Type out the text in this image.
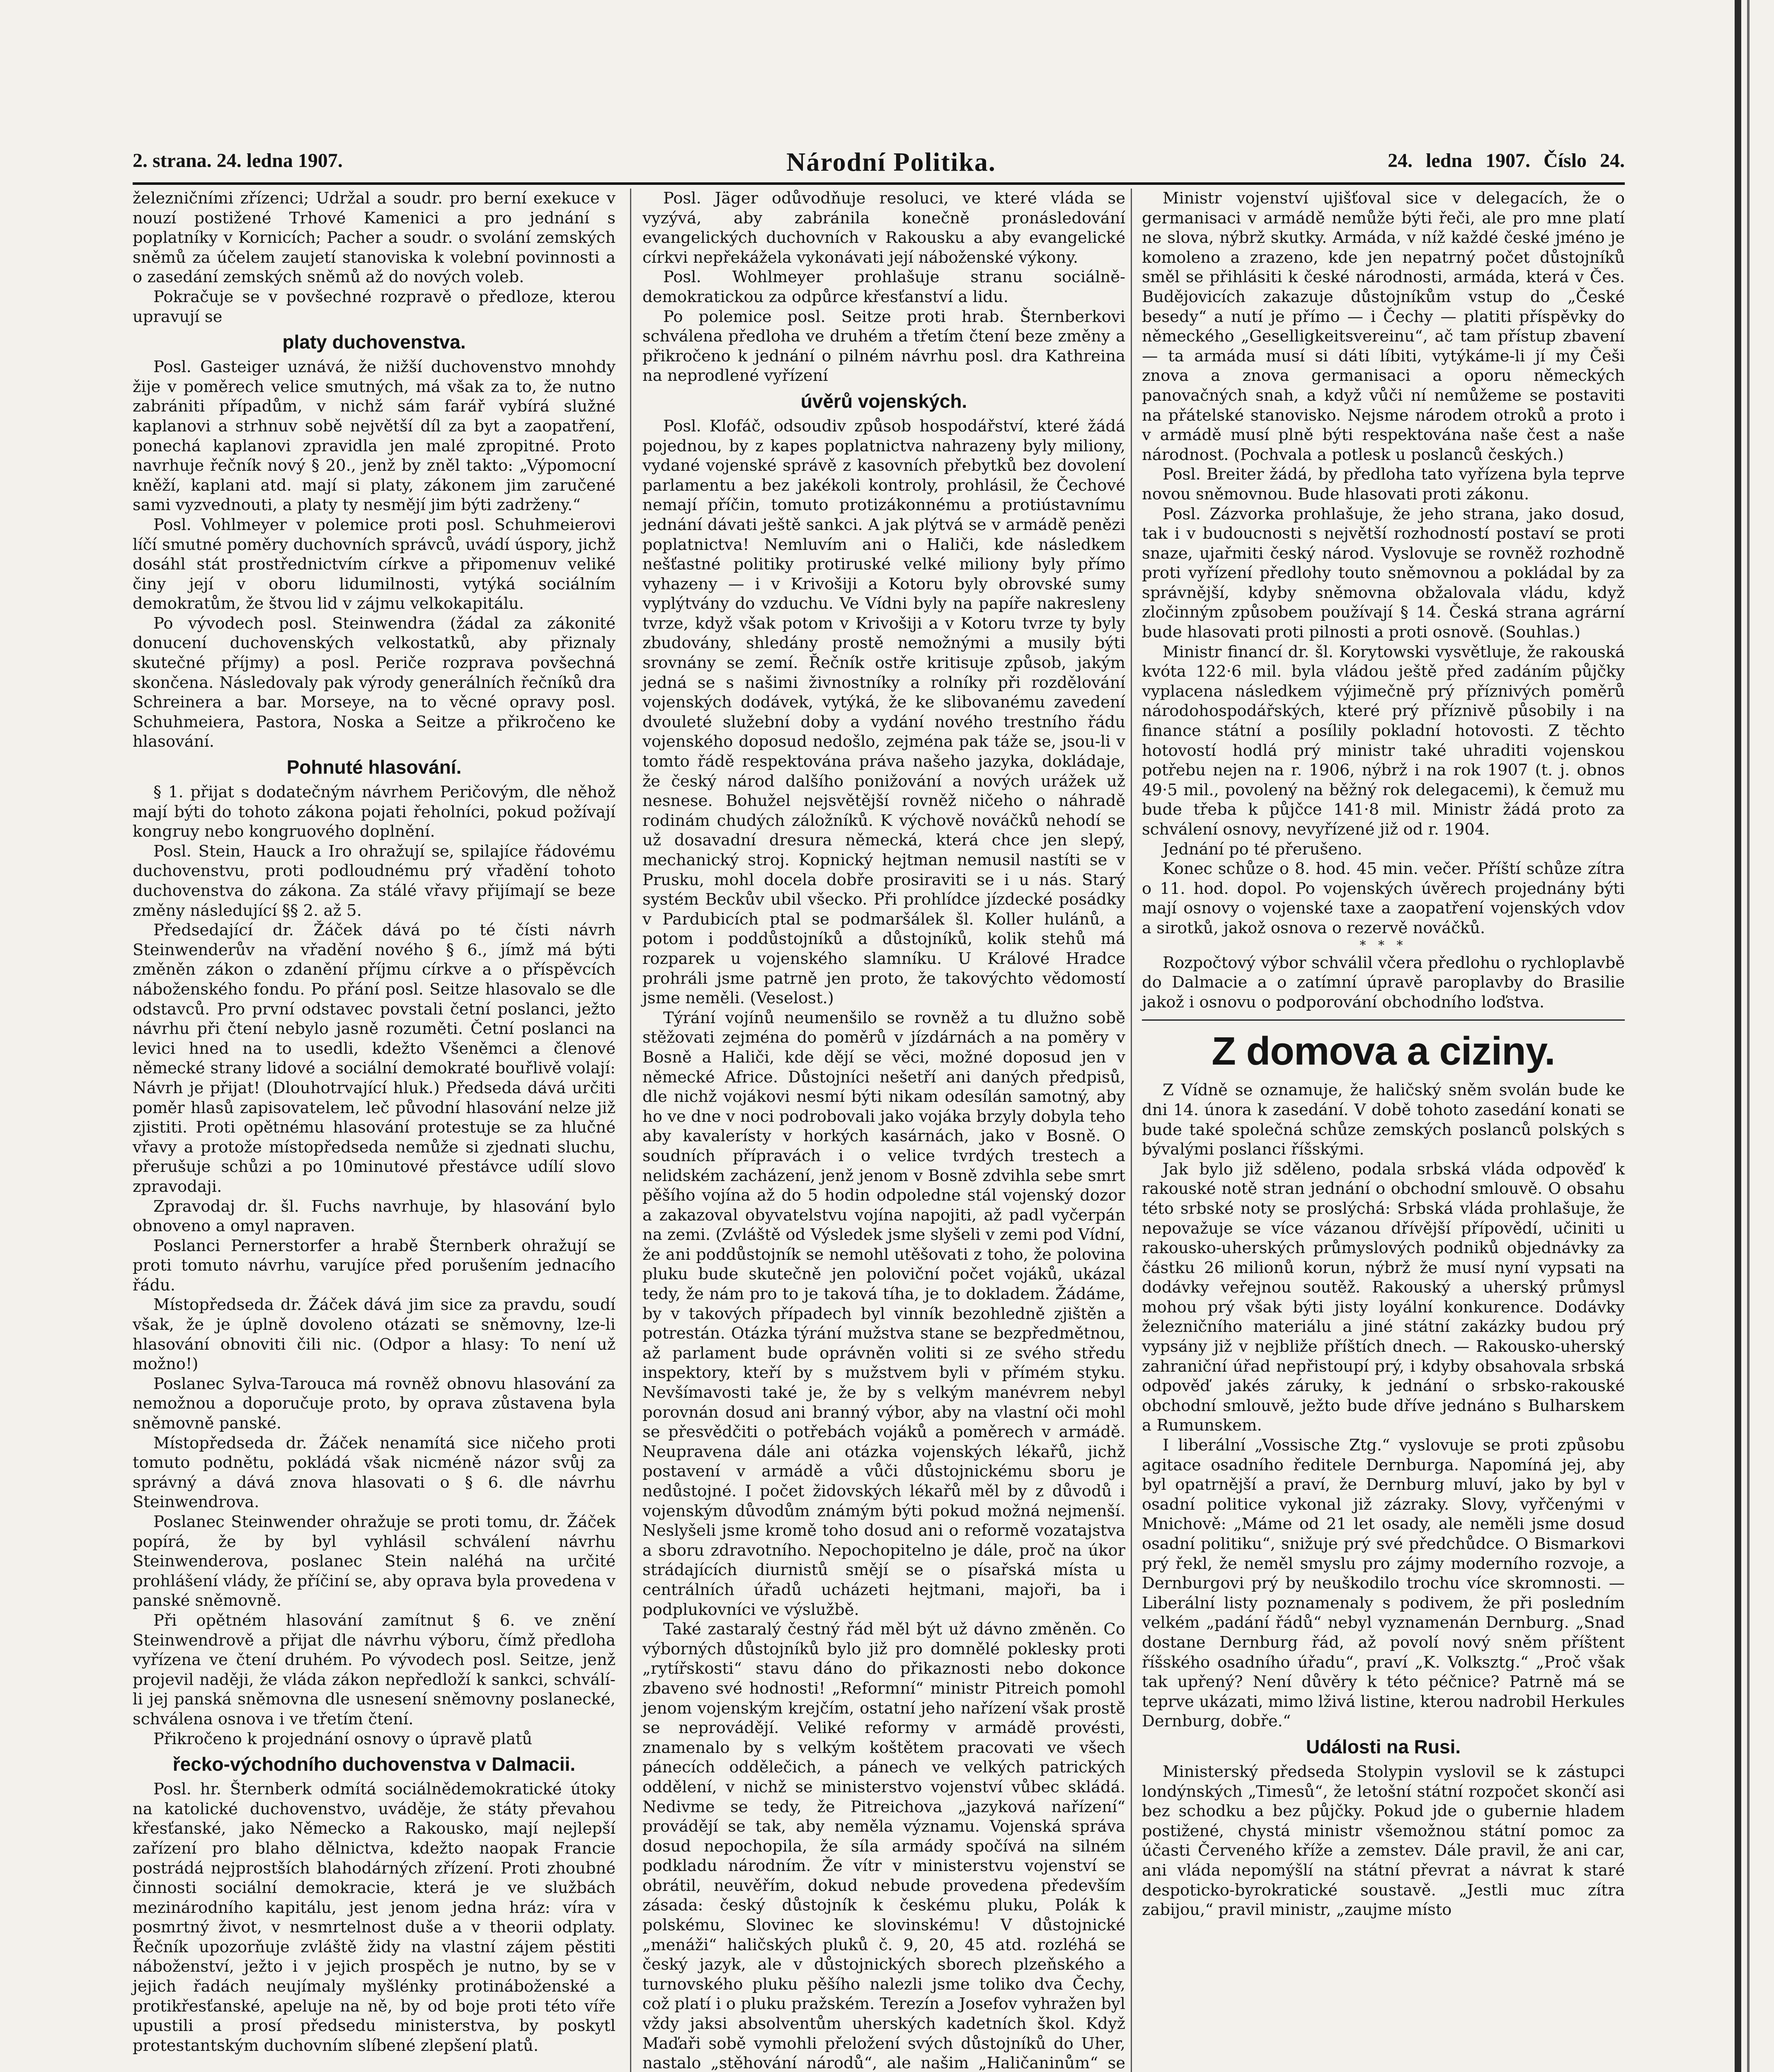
2. strana. 24. ledna 1907.	Národní Politika.	24. ledna 1907. Číslo 24.

železničními zřízenci; Udržal a soudr. pro berní exekuce v nouzí postižené Trhové Kamenici a pro jednání s poplatníky v Kornicích; Pacher a soudr. o svolání zemských sněmů za účelem zaujetí stanoviska k volební povinnosti a o zasedání zemských sněmů až do nových voleb.

Pokračuje se v povšechné rozpravě o předloze, kterou upravují se

platy duchovenstva.

Posl. Gasteiger uznává, že nižší duchovenstvo mnohdy žije v poměrech velice smutných, má však za to, že nutno zabrániti případům, v nichž sám farář vybírá služné kaplanovi a strhnuv sobě největší díl za byt a zaopatření, ponechá kaplanovi zpravidla jen malé zpropitné. Proto navrhuje řečník nový § 20., jenž by zněl takto: „Výpomocní kněží, kaplani atd. mají si platy, zákonem jim zaručené sami vyzvednouti, a platy ty nesmějí jim býti zadrženy.“

Posl. Vohlmeyer v polemice proti posl. Schuhmeierovi líčí smutné poměry duchovních správců, uvádí úspory, jichž dosáhl stát prostřednictvím církve a připomenuv veliké činy její v oboru lidumilnosti, vytýká sociálním demokratům, že štvou lid v zájmu velkokapitálu.

Po vývodech posl. Steinwendra (žádal za zákonité donucení duchovenských velkostatků, aby přiznaly skutečné příjmy) a posl. Periče rozprava povšechná skončena. Následovaly pak výrody generálních řečníků dra Schreinera a bar. Morseye, na to věcné opravy posl. Schuhmeiera, Pastora, Noska a Seitze a přikročeno ke hlasování.

Pohnuté hlasování.

§ 1. přijat s dodatečným návrhem Peričovým, dle něhož mají býti do tohoto zákona pojati řeholníci, pokud požívají kongruy nebo kongruového doplnění.

Posl. Stein, Hauck a Iro ohražují se, spilajíce řádovému duchovenstvu, proti podloudnému prý vřadění tohoto duchovenstva do zákona. Za stálé vřavy přijímají se beze změny následující §§ 2. až 5.

Předsedající dr. Žáček dává po té čísti návrh Steinwenderův na vřadění nového § 6., jímž má býti změněn zákon o zdanění příjmu církve a o příspěvcích náboženského fondu. Po přání posl. Seitze hlasovalo se dle odstavců. Pro první odstavec povstali četní poslanci, ježto návrhu při čtení nebylo jasně rozuměti. Četní poslanci na levici hned na to usedli, kdežto Všeněmci a členové německé strany lidové a sociální demokraté bouřlivě volají: Návrh je přijat! (Dlouhotrvající hluk.) Předseda dává určiti poměr hlasů zapisovatelem, leč původní hlasování nelze již zjistiti. Proti opětnému hlasování protestuje se za hlučné vřavy a protože místopředseda nemůže si zjednati sluchu, přerušuje schůzi a po 10minutové přestávce udílí slovo zpravodaji.

Zpravodaj dr. šl. Fuchs navrhuje, by hlasování bylo obnoveno a omyl napraven.

Poslanci Pernerstorfer a hrabě Šternberk ohražují se proti tomuto návrhu, varujíce před porušením jednacího řádu.

Místopředseda dr. Žáček dává jim sice za pravdu, soudí však, že je úplně dovoleno otázati se sněmovny, lze-li hlasování obnoviti čili nic. (Odpor a hlasy: To není už možno!)

Poslanec Sylva-Tarouca má rovněž obnovu hlasování za nemožnou a doporučuje proto, by oprava zůstavena byla sněmovně panské.

Místopředseda dr. Žáček nenamítá sice ničeho proti tomuto podnětu, pokládá však nicméně názor svůj za správný a dává znova hlasovati o § 6. dle návrhu Steinwendrova.

Poslanec Steinwender ohražuje se proti tomu, dr. Žáček popírá, že by byl vyhlásil schválení návrhu Steinwenderova, poslanec Stein naléhá na určité prohlášení vlády, že příčiní se, aby oprava byla provedena v panské sněmovně.

Při opětném hlasování zamítnut § 6. ve znění Steinwendrově a přijat dle návrhu výboru, čímž předloha vyřízena ve čtení druhém. Po vývodech posl. Seitze, jenž projevil naději, že vláda zákon nepředloží k sankci, schválí-li jej panská sněmovna dle usnesení sněmovny poslanecké, schválena osnova i ve třetím čtení.

Přikročeno k projednání osnovy o úpravě platů

řecko-východního duchovenstva v Dalmacii.

Posl. hr. Šternberk odmítá sociálnědemokratické útoky na katolické duchovenstvo, uváděje, že státy převahou křesťanské, jako Německo a Rakousko, mají nejlepší zařízení pro blaho dělnictva, kdežto naopak Francie postrádá nejprostších blahodárných zřízení. Proti zhoubné činnosti sociální demokracie, která je ve službách mezinárodního kapitálu, jest jenom jedna hráz: víra v posmrtný život, v nesmrtelnost duše a v theorii odplaty. Řečník upozorňuje zvláště židy na vlastní zájem pěstiti náboženství, ježto i v jejich prospěch je nutno, by se v jejich řadách neujímaly myšlénky protináboženské a protikřesťanské, apeluje na ně, by od boje proti této víře upustili a prosí předsedu ministerstva, by poskytl protestantským duchovním slíbené zlepšení platů.

Posl. Jäger odůvodňuje resoluci, ve které vláda se vyzývá, aby zabránila konečně pronásledování evangelických duchovních v Rakousku a aby evangelické církvi nepřekážela vykonávati její náboženské výkony.

Posl. Wohlmeyer prohlašuje stranu sociálně-demokratickou za odpůrce křesťanství a lidu.

Po polemice posl. Seitze proti hrab. Šternberkovi schválena předloha ve druhém a třetím čtení beze změny a přikročeno k jednání o pilném návrhu posl. dra Kathreina na neprodlené vyřízení

úvěrů vojenských.

Posl. Klofáč, odsoudiv způsob hospodářství, které žádá pojednou, by z kapes poplatnictva nahrazeny byly miliony, vydané vojenské správě z kasovních přebytků bez dovolení parlamentu a bez jakékoli kontroly, prohlásil, že Čechové nemají příčin, tomuto protizákonnému a protiústavnímu jednání dávati ještě sankci. A jak plýtvá se v armádě penězi poplatnictva! Nemluvím ani o Haliči, kde následkem nešťastné politiky protiruské velké miliony byly přímo vyhazeny — i v Krivošiji a Kotoru byly obrovské sumy vyplýtvány do vzduchu. Ve Vídni byly na papíře nakresleny tvrze, když však potom v Krivošiji a v Kotoru tvrze ty byly zbudovány, shledány prostě nemožnými a musily býti srovnány se zemí. Řečník ostře kritisuje způsob, jakým jedná se s našimi živnostníky a rolníky při rozdělování vojenských dodávek, vytýká, že ke slibovanému zavedení dvouleté služební doby a vydání nového trestního řádu vojenského doposud nedošlo, zejména pak táže se, jsou-li v tomto řádě respektována práva našeho jazyka, dokládaje, že český národ dalšího ponižování a nových urážek už nesnese. Bohužel nejsvětější rovněž ničeho o náhradě rodinám chudých záložníků. K výchově nováčků nehodí se už dosavadní dresura německá, která chce jen slepý, mechanický stroj. Kopnický hejtman nemusil nastíti se v Prusku, mohl docela dobře prosiraviti se i u nás. Starý systém Beckův ubil všecko. Při prohlídce jízdecké posádky v Pardubicích ptal se podmaršálek šl. Koller hulánů, a potom i poddůstojníků a důstojníků, kolik stehů má rozparek u vojenského slamníku. U Králové Hradce prohráli jsme patrně jen proto, že takovýchto vědomostí jsme neměli. (Veselost.)

Týrání vojínů neumenšilo se rovněž a tu dlužno sobě stěžovati zejména do poměrů v jízdárnách a na poměry v Bosně a Haliči, kde dějí se věci, možné doposud jen v německé Africe. Důstojníci nešetří ani daných předpisů, dle nichž vojákovi nesmí býti nikam odesílán samotný, aby ho ve dne v noci podrobovali jako vojáka brzyly dobyla teho aby kavalerísty v horkých kasárnách, jako v Bosně. O soudních přípravách i o velice tvrdých trestech a nelidském zacházení, jenž jenom v Bosně zdvihla sebe smrt pěšího vojína až do 5 hodin odpoledne stál vojenský dozor a zakazoval obyvatelstvu vojína napojiti, až padl vyčerpán na zemi. (Zvláště od Výsledek jsme slyšeli v zemi pod Vídní, že ani poddůstojník se nemohl utěšovati z toho, že polovina pluku bude skutečně jen poloviční počet vojáků, ukázal tedy, že nám pro to je taková tíha, je to dokladem. Žádáme, by v takových případech byl vinník bezohledně zjištěn a potrestán. Otázka týrání mužstva stane se bezpředmětnou, až parlament bude oprávněn voliti si ze svého středu inspektory, kteří by s mužstvem byli v přímém styku. Nevšímavosti také je, že by s velkým manévrem nebyl porovnán dosud ani branný výbor, aby na vlastní oči mohl se přesvědčiti o potřebách vojáků a poměrech v armádě. Neupravena dále ani otázka vojenských lékařů, jichž postavení v armádě a vůči důstojnickému sboru je nedůstojné. I počet židovských lékařů měl by z důvodů i vojenským důvodům známým býti pokud možná nejmenší. Neslyšeli jsme kromě toho dosud ani o reformě vozatajstva a sboru zdravotního. Nepochopitelno je dále, proč na úkor strádajících diurnistů smějí se o písařská místa u centrálních úřadů ucházeti hejtmani, majoři, ba i podplukovníci ve výslužbě.

Také zastaralý čestný řád měl být už dávno změněn. Co výborných důstojníků bylo již pro domnělé poklesky proti „rytířskosti“ stavu dáno do přikaznosti nebo dokonce zbaveno své hodnosti! „Reformní“ ministr Pitreich pomohl jenom vojenským krejčím, ostatní jeho nařízení však prostě se neprovádějí. Veliké reformy v armádě provésti, znamenalo by s velkým koštětem pracovati ve všech pánecích oddělečich, a pánech ve velkých patrických oddělení, v nichž se ministerstvo vojenství vůbec skládá. Nedivme se tedy, že Pitreichova „jazyková nařízení“ provádějí se tak, aby neměla významu. Vojenská správa dosud nepochopila, že síla armády spočívá na silném podkladu národním. Že vítr v ministerstvu vojenství se obrátil, neuvěřím, dokud nebude provedena především zásada: český důstojník k českému pluku, Polák k polskému, Slovinec ke slovinskému! V důstojnické „menáži“ haličských pluků č. 9, 20, 45 atd. rozléhá se český jazyk, ale v důstojnických sborech plzeňského a turnovského pluku pěšího nalezli jsme toliko dva Čechy, což platí i o pluku pražském. Terezín a Josefov vyhražen byl vždy jaksi absolventům uherských kadetních škol. Když Maďaři sobě vymohli přeložení svých důstojníků do Uher, nastalo „stěhování národů“, ale našim „Haličaninům“ se

Ministr vojenství ujišťoval sice v delegacích, že o germanisaci v armádě nemůže býti řeči, ale pro mne platí ne slova, nýbrž skutky. Armáda, v níž každé české jméno je komoleno a zrazeno, kde jen nepatrný počet důstojníků směl se přihlásiti k české národnosti, armáda, která v Čes. Budějovicích zakazuje důstojníkům vstup do „České besedy“ a nutí je přímo — i Čechy — platiti příspěvky do německého „Geselligkeitsvereinu“, ač tam přístup zbavení — ta armáda musí si dáti líbiti, vytýkáme-li jí my Češi znova a znova germanisaci a oporu německých panovačných snah, a když vůči ní nemůžeme se postaviti na přátelské stanovisko. Nejsme národem otroků a proto i v armádě musí plně býti respektována naše čest a naše národnost. (Pochvala a potlesk u poslanců českých.)

Posl. Breiter žádá, by předloha tato vyřízena byla teprve novou sněmovnou. Bude hlasovati proti zákonu.

Posl. Zázvorka prohlašuje, že jeho strana, jako dosud, tak i v budoucnosti s největší rozhodností postaví se proti snaze, ujařmiti český národ. Vyslovuje se rovněž rozhodně proti vyřízení předlohy touto sněmovnou a pokládal by za správnější, kdyby sněmovna obžalovala vládu, když zločinným způsobem používají § 14. Česká strana agrární bude hlasovati proti pilnosti a proti osnově. (Souhlas.)

Ministr financí dr. šl. Korytowski vysvětluje, že rakouská kvóta 122·6 mil. byla vládou ještě před zadáním půjčky vyplacena následkem výjimečně prý příznivých poměrů národohospodářských, které prý příznivě působily i na finance státní a posílily pokladní hotovosti. Z těchto hotovostí hodlá prý ministr také uhraditi vojenskou potřebu nejen na r. 1906, nýbrž i na rok 1907 (t. j. obnos 49·5 mil., povolený na běžný rok delegacemi), k čemuž mu bude třeba k půjčce 141·8 mil. Ministr žádá proto za schválení osnovy, nevyřízené již od r. 1904.

Jednání po té přerušeno.

Konec schůze o 8. hod. 45 min. večer. Příští schůze zítra o 11. hod. dopol. Po vojenských úvěrech projednány býti mají osnovy o vojenské taxe a zaopatření vojenských vdov a sirotků, jakož osnova o rezervě nováčků.

* * *

Rozpočtový výbor schválil včera předlohu o rychloplavbě do Dalmacie a o zatímní úpravě paroplavby do Brasilie jakož i osnovu o podporování obchodního loďstva.

Z domova a ciziny.

Z Vídně se oznamuje, že haličský sněm svolán bude ke dni 14. února k zasedání. V době tohoto zasedání konati se bude také společná schůze zemských poslanců polských s bývalými poslanci říšskými.

Jak bylo již sděleno, podala srbská vláda odpověď k rakouské notě stran jednání o obchodní smlouvě. O obsahu této srbské noty se proslýchá: Srbská vláda prohlašuje, že nepovažuje se více vázanou dřívější přípovědí, učiniti u rakousko-uherských průmyslových podniků objednávky za částku 26 milionů korun, nýbrž že musí nyní vypsati na dodávky veřejnou soutěž. Rakouský a uherský průmysl mohou prý však býti jisty loyální konkurence. Dodávky železničního materiálu a jiné státní zakázky budou prý vypsány již v nejbliže příštích dnech. — Rakousko-uherský zahraniční úřad nepřistoupí prý, i kdyby obsahovala srbská odpověď jakés záruky, k jednání o srbsko-rakouské obchodní smlouvě, ježto bude dříve jednáno s Bulharskem a Rumunskem.

I liberální „Vossische Ztg.“ vyslovuje se proti způsobu agitace osadního ředitele Dernburga. Napomíná jej, aby byl opatrnější a praví, že Dernburg mluví, jako by byl v osadní politice vykonal již zázraky. Slovy, vyřčenými v Mnichově: „Máme od 21 let osady, ale neměli jsme dosud osadní politiku“, snižuje prý své předchůdce. O Bismarkovi prý řekl, že neměl smyslu pro zájmy moderního rozvoje, a Dernburgovi prý by neuškodilo trochu více skromnosti. — Liberální listy poznamenaly s podivem, že při posledním velkém „padání řádů“ nebyl vyznamenán Dernburg. „Snad dostane Dernburg řád, až povolí nový sněm příštent říšského osadního úřadu“, praví „K. Volksztg.“ „Proč však tak upřený? Není důvěry k této péčnice? Patrně má se teprve ukázati, mimo lživá listine, kterou nadrobil Herkules Dernburg, dobře.“

Události na Rusi.

Ministerský předseda Stolypin vyslovil se k zástupci londýnských „Timesů“, že letošní státní rozpočet skončí asi bez schodku a bez půjčky. Pokud jde o gubernie hladem postižené, chystá ministr všemožnou státní pomoc za účasti Červeného kříže a zemstev. Dále pravil, že ani car, ani vláda nepomýšlí na státní převrat a návrat k staré despoticko-byrokratické soustavě. „Jestli muc zítra zabijou,“ pravil ministr, „zaujme místo
